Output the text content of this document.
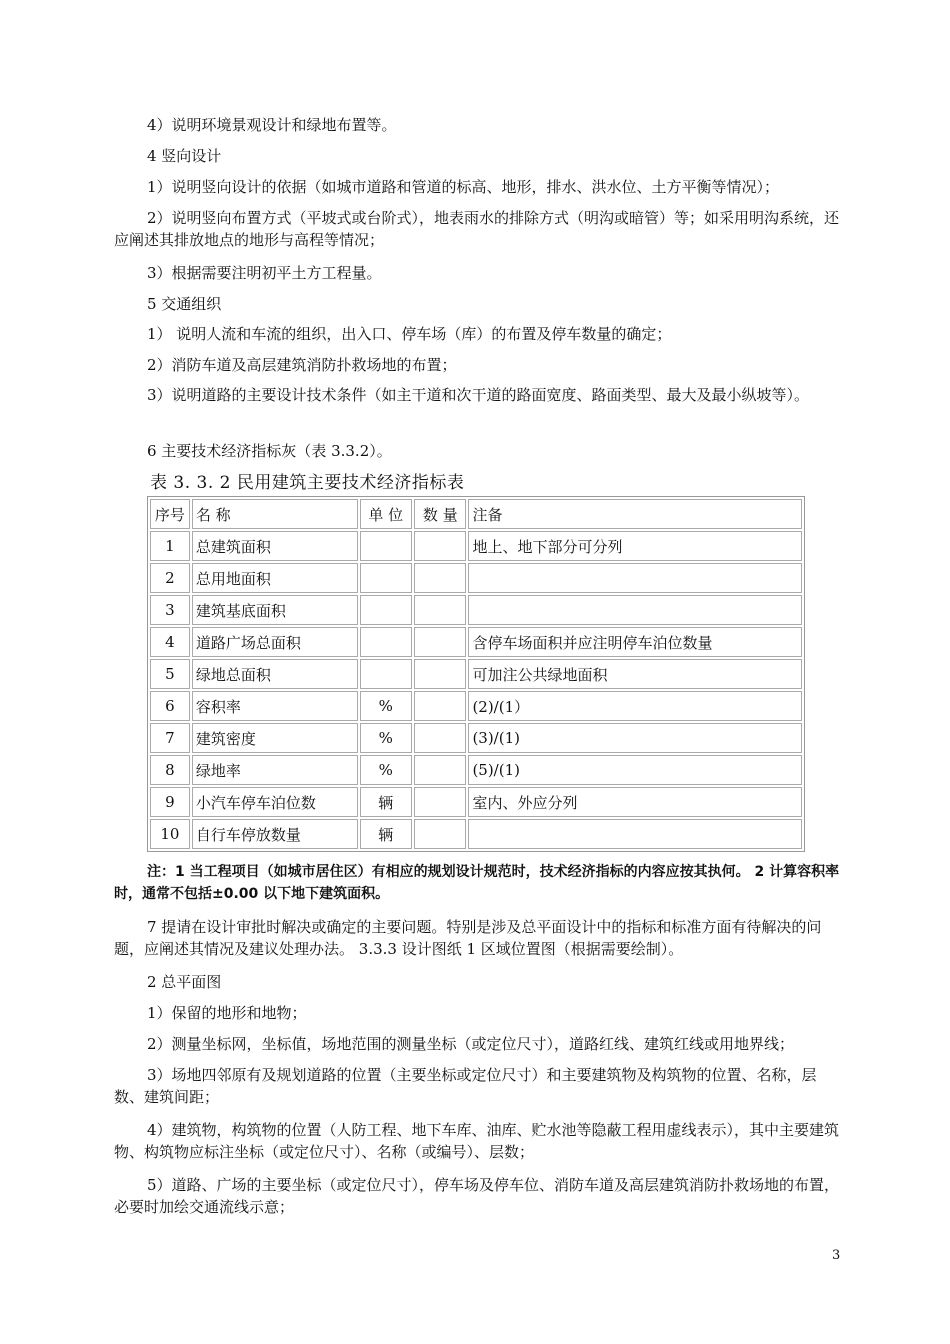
4）说明环境景观设计和绿地布置等。

4 竖向设计

1）说明竖向设计的依据（如城市道路和管道的标高、地形，排水、洪水位、土方平衡等情况）；

2）说明竖向布置方式（平坡式或台阶式），地表雨水的排除方式（明沟或暗管）等；如采用明沟系统，还应阐述其排放地点的地形与高程等情况；

3）根据需要注明初平土方工程量。

5 交通组织

1） 说明人流和车流的组织，出入口、停车场（库）的布置及停车数量的确定；

2）消防车道及高层建筑消防扑救场地的布置；

3）说明道路的主要设计技术条件（如主干道和次干道的路面宽度、路面类型、最大及最小纵坡等）。

6 主要技术经济指标灰（表 3.3.2）。

表 3. 3. 2 民用建筑主要技术经济指标表
序号	名 称	单 位	数 量	注备
1	总建筑面积			地上、地下部分可分列
2	总用地面积			
3	建筑基底面积			
4	道路广场总面积			含停车场面积并应注明停车泊位数量
5	绿地总面积			可加注公共绿地面积
6	容积率	%		(2)/(1）
7	建筑密度	%		(3)/(1)
8	绿地率	%		(5)/(1)
9	小汽车停车泊位数	辆		室内、外应分列
10	自行车停放数量	辆		

注：1 当工程项目（如城市居住区）有相应的规划设计规范时，技术经济指标的内容应按其执何。 2 计算容积率时，通常不包括±0.00 以下地下建筑面积。

7 提请在设计审批时解决或确定的主要问题。特别是涉及总平面设计中的指标和标准方面有待解决的问题，应阐述其情况及建议处理办法。 3.3.3 设计图纸 1 区域位置图（根据需要绘制）。

2 总平面图

1）保留的地形和地物；

2）测量坐标网，坐标值，场地范围的测量坐标（或定位尺寸），道路红线、建筑红线或用地界线；

3）场地四邻原有及规划道路的位置（主要坐标或定位尺寸）和主要建筑物及构筑物的位置、名称，层数、建筑间距；

4）建筑物，构筑物的位置（人防工程、地下车库、油库、贮水池等隐蔽工程用虚线表示），其中主要建筑物、构筑物应标注坐标（或定位尺寸）、名称（或编号）、层数；

5）道路、广场的主要坐标（或定位尺寸），停车场及停车位、消防车道及高层建筑消防扑救场地的布置，必要时加绘交通流线示意；

3
